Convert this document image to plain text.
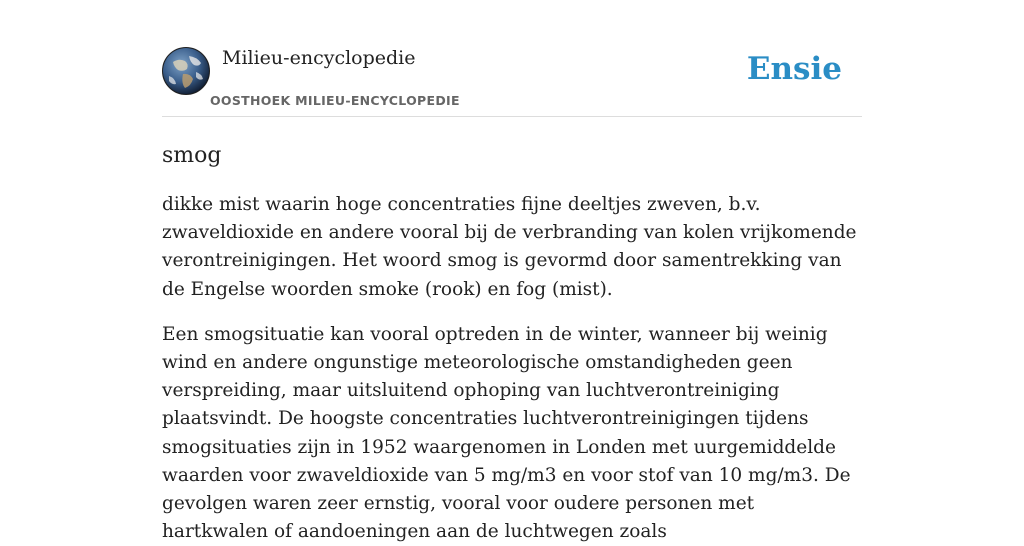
Milieu-encyclopedie
OOSTHOEK MILIEU-ENCYCLOPEDIE
Ensie
smog

dikke mist waarin hoge concentraties fijne deeltjes zweven, b.v. zwaveldioxide en andere vooral bij de verbranding van kolen vrijkomende verontreinigingen. Het woord smog is gevormd door samentrekking van de Engelse woorden smoke (rook) en fog (mist).

Een smogsituatie kan vooral optreden in de winter, wanneer bij weinig wind en andere ongunstige meteorologische omstandigheden geen verspreiding, maar uitsluitend ophoping van luchtverontreiniging plaatsvindt. De hoogste concentraties luchtverontreinigingen tijdens smogsituaties zijn in 1952 waargenomen in Londen met uurgemiddelde waarden voor zwaveldioxide van 5 mg/m3 en voor stof van 10 mg/m3. De gevolgen waren zeer ernstig, vooral voor oudere personen met hartkwalen of aandoeningen aan de luchtwegen zoals
